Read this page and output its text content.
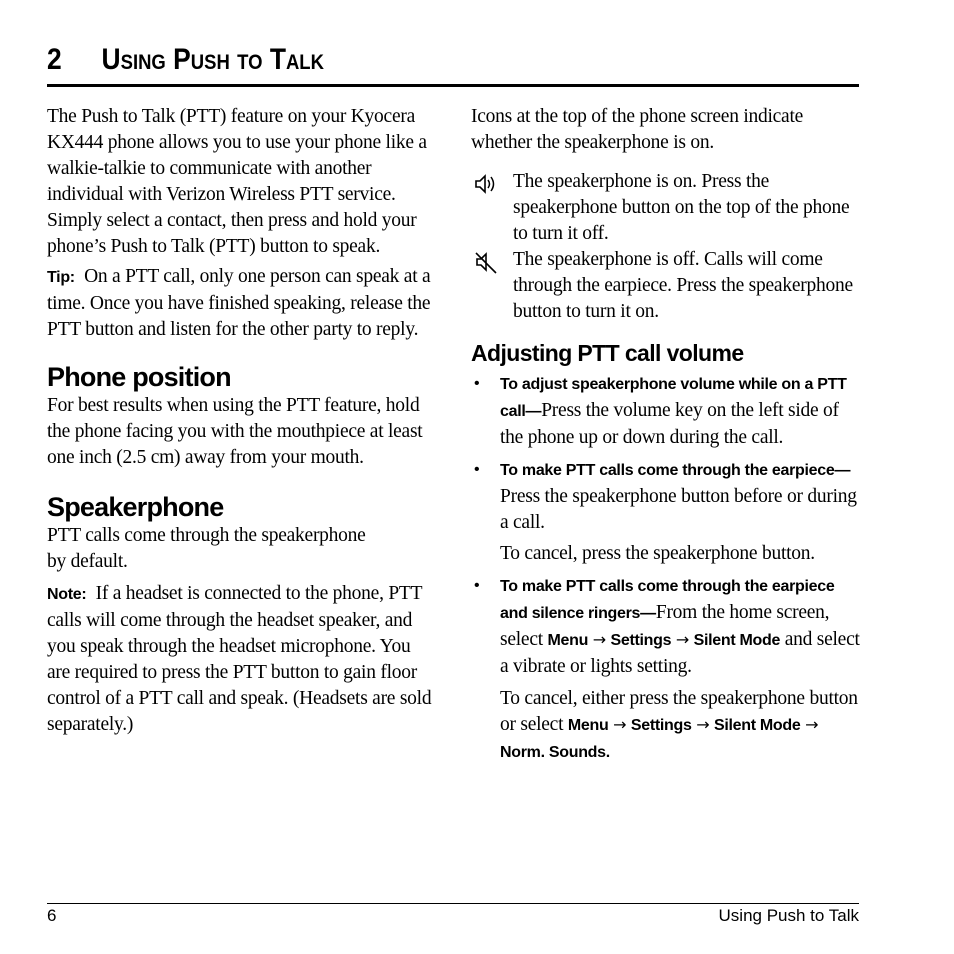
2 Using Push to Talk

The Push to Talk (PTT) feature on your Kyocera KX444 phone allows you to use your phone like a walkie-talkie to communicate with another individual with Verizon Wireless PTT service. Simply select a contact, then press and hold your phone’s Push to Talk (PTT) button to speak.

Tip: On a PTT call, only one person can speak at a time. Once you have finished speaking, release the PTT button and listen for the other party to reply.

Phone position

For best results when using the PTT feature, hold the phone facing you with the mouthpiece at least one inch (2.5 cm) away from your mouth.

Speakerphone

PTT calls come through the speakerphone by default.

Note: If a headset is connected to the phone, PTT calls will come through the headset speaker, and you speak through the headset microphone. You are required to press the PTT button to gain floor control of a PTT call and speak. (Headsets are sold separately.)

Icons at the top of the phone screen indicate whether the speakerphone is on.

The speakerphone is on. Press the speakerphone button on the top of the phone to turn it off.

The speakerphone is off. Calls will come through the earpiece. Press the speakerphone button to turn it on.

Adjusting PTT call volume
• To adjust speakerphone volume while on a PTT call—Press the volume key on the left side of the phone up or down during the call.

• To make PTT calls come through the earpiece—Press the speakerphone button before or during a call.

To cancel, press the speakerphone button.

• To make PTT calls come through the earpiece and silence ringers—From the home screen, select Menu → Settings → Silent Mode and select a vibrate or lights setting.

To cancel, either press the speakerphone button or select Menu → Settings → Silent Mode → Norm. Sounds.

6	Using Push to Talk
